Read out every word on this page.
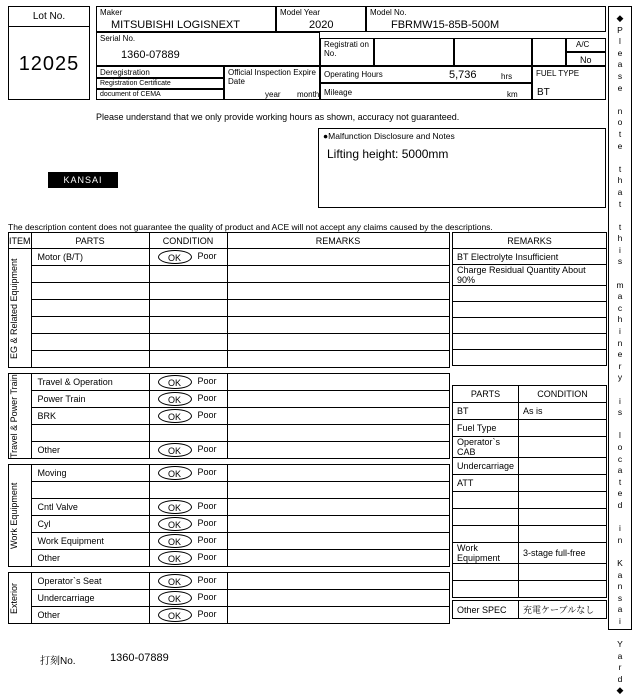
Lot No.
12025
Maker
MITSUBISHI LOGISNEXT
Model Year
2020
Model No.
FBRMW15-85B-500M
Serial No.
1360-07889
Registrati on No.
A/C
No
Deregistration
Registration Certificate
document of CEMA
Official Inspection Expire Date
year month
Operating Hours	5,736	hrs
Mileage	km
FUEL TYPE
BT
Please understand that we only provide working hours as shown, accuracy not guaranteed.
●Malfunction Disclosure and Notes
Lifting height: 5000mm
KANSAI
The description content does not guarantee the quality of product and ACE will not accept any claims caused by the descriptions.
◆
P
l
e
a
s
e

n
o
t
e

t
h
a
t

t
h
i
s

m
a
c
h
i
n
e
r
y

i
s

l
o
c
a
t
e
d

i
n

K
a
n
s
a
i

Y
a
r
d
◆
ITEM	PARTS	CONDITION	REMARKS

EG & Related Equipment	Motor (B/T)	OK Poor	

Travel & Power Train	Travel & Operation	OK Poor	

	Power Train	OK Poor	

	BRK	OK Poor	

	Other	OK Poor	

Work Equipment	Moving	OK Poor	

	Cntl Valve	OK Poor	

	Cyl	OK Poor	

	Work Equipment	OK Poor	

	Other	OK Poor	

Exterior	Operator`s Seat	OK Poor	

	Undercarriage	OK Poor	

	Other	OK Poor	

REMARKS
BT Electrolyte Insufficient
Charge Residual Quantity About 90%

PARTS	CONDITION
BT	As is
Fuel Type	
Operator`s CAB	
Undercarriage	
ATT	

Work Equipment	3-stage full-free

Other SPEC	充電ケーブルなし
打刻No.	1360-07889
